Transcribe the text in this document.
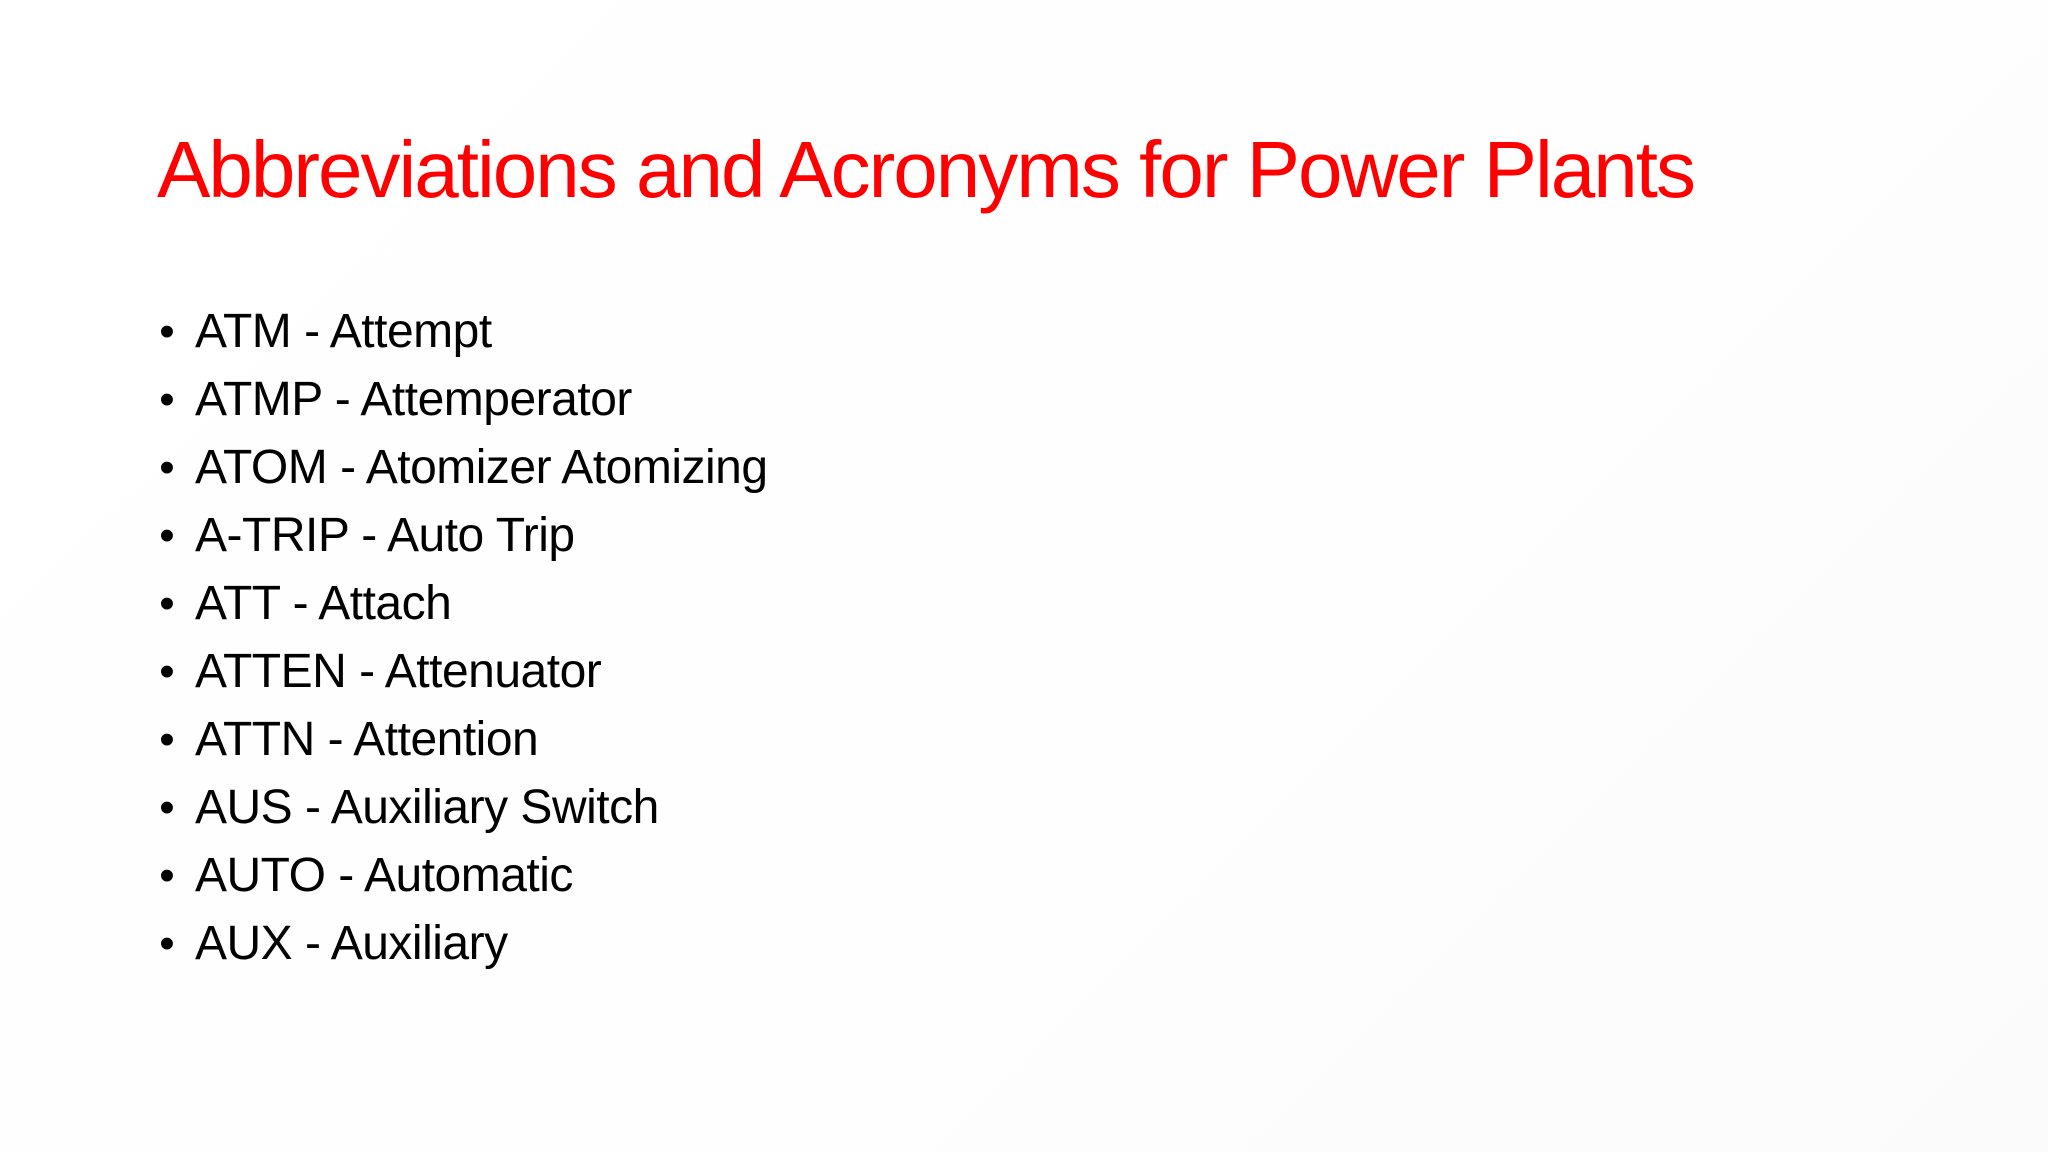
Abbreviations and Acronyms for Power Plants
• ATM - Attempt
• ATMP - Attemperator
• ATOM - Atomizer Atomizing
• A-TRIP - Auto Trip
• ATT - Attach
• ATTEN - Attenuator
• ATTN - Attention
• AUS - Auxiliary Switch
• AUTO - Automatic
• AUX - Auxiliary
